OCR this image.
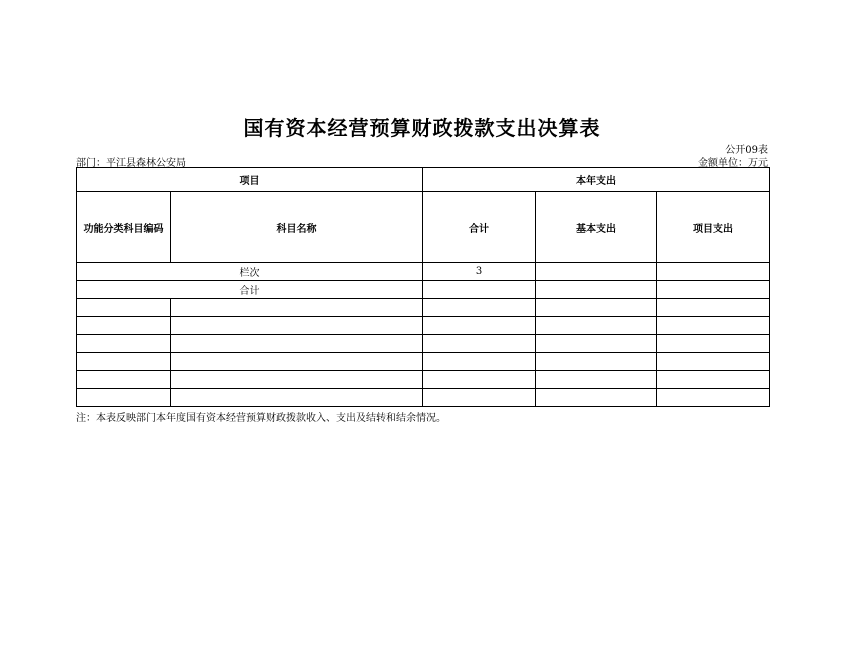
国有资本经营预算财政拨款支出决算表
公开09表
部门：平江县森林公安局	金额单位：万元
项目		本年支出		
功能分类科目编码	科目名称	合计	基本支出	项目支出
栏次		3		
合计				

注：本表反映部门本年度国有资本经营预算财政拨款收入、支出及结转和结余情况。
